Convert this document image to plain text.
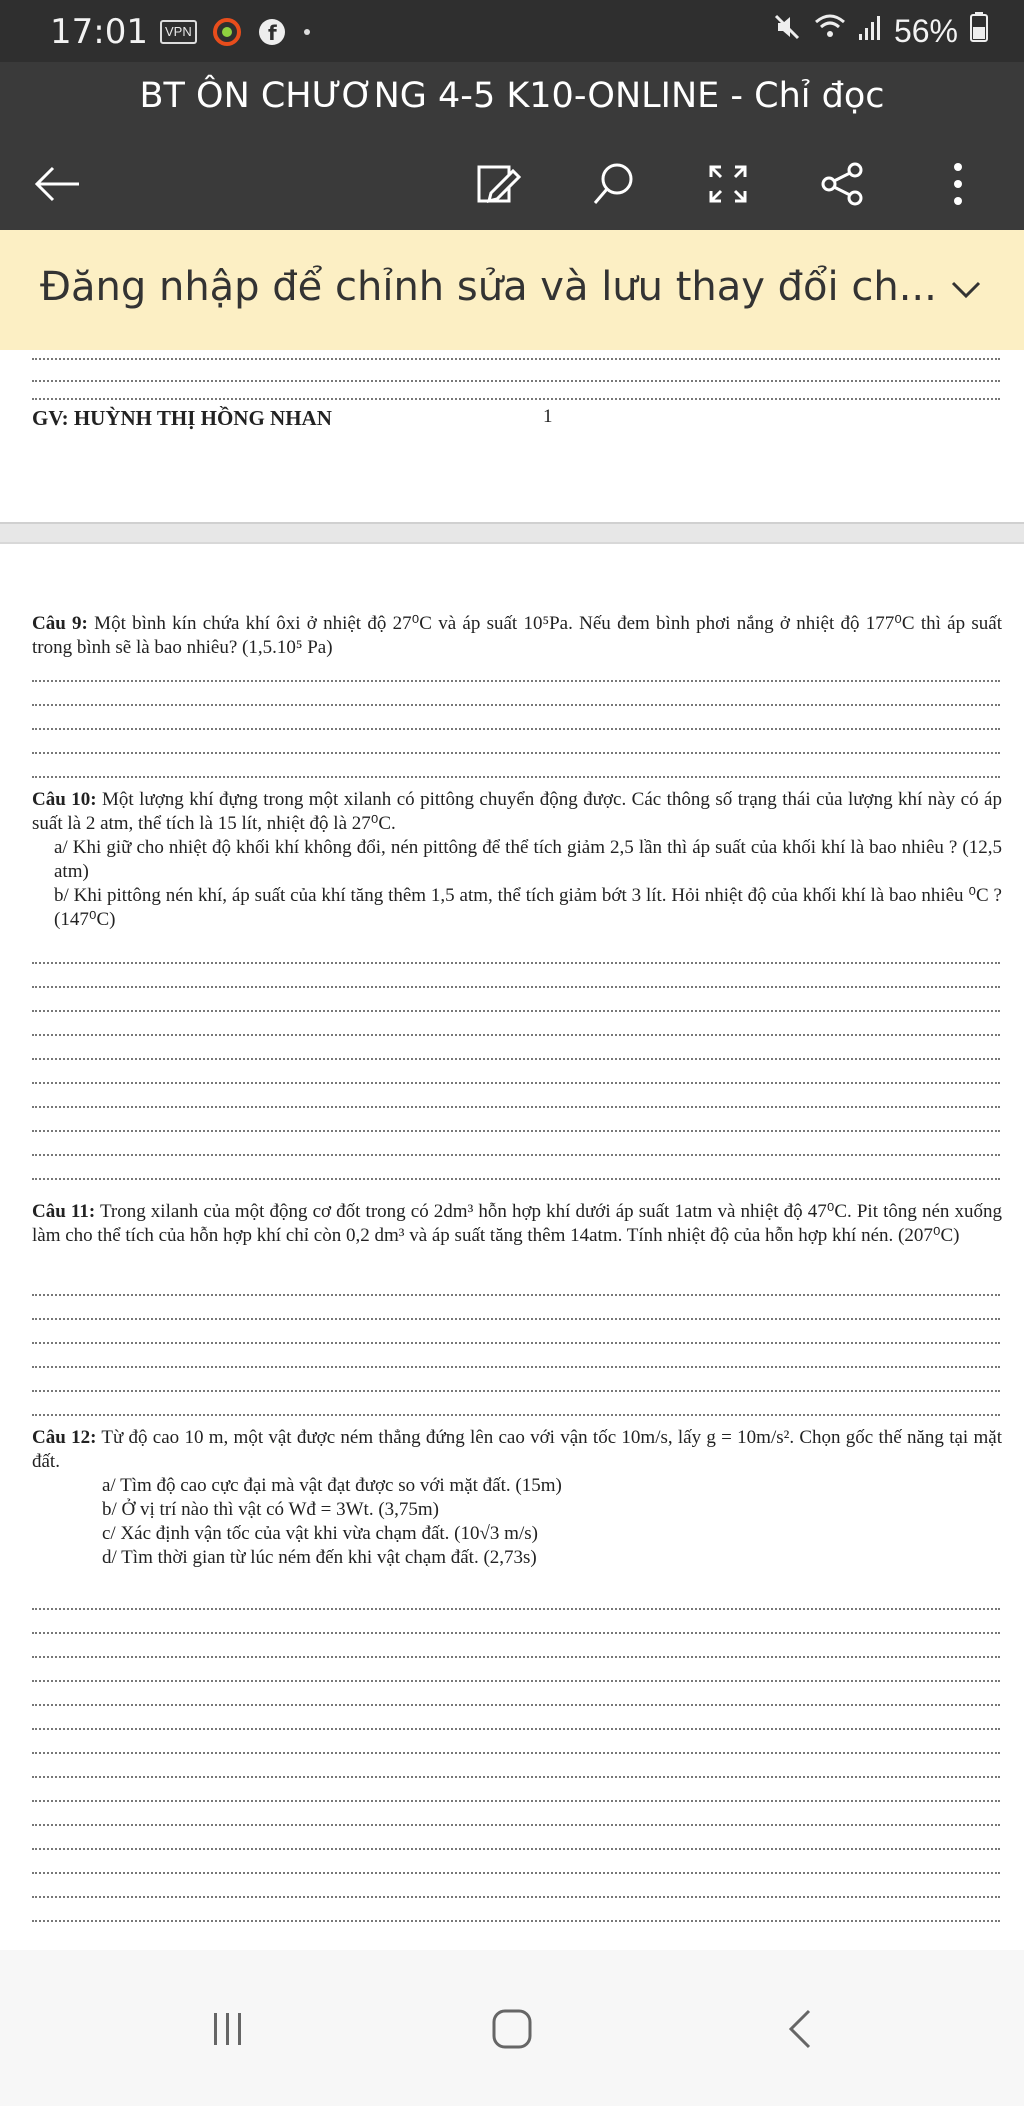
17:01	VPN	f	56%
BT ÔN CHƯƠNG 4-5 K10-ONLINE - Chỉ đọc
Đăng nhập để chỉnh sửa và lưu thay đổi ch...
GV: HUỲNH THỊ HỒNG NHAN	1
Câu 9: Một bình kín chứa khí ôxi ở nhiệt độ 27⁰C và áp suất 10⁵Pa. Nếu đem bình phơi nắng ở nhiệt độ 177⁰C thì áp suất trong bình sẽ là bao nhiêu? (1,5.10⁵ Pa)
Câu 10: Một lượng khí đựng trong một xilanh có pittông chuyển động được. Các thông số trạng thái của lượng khí này có áp suất là 2 atm, thể tích là 15 lít, nhiệt độ là 27⁰C.
a/ Khi giữ cho nhiệt độ khối khí không đổi, nén pittông để thể tích giảm 2,5 lần thì áp suất của khối khí là bao nhiêu ? (12,5 atm)
b/ Khi pittông nén khí, áp suất của khí tăng thêm 1,5 atm, thể tích giảm bớt 3 lít. Hỏi nhiệt độ của khối khí là bao nhiêu ⁰C ? (147⁰C)
Câu 11: Trong xilanh của một động cơ đốt trong có 2dm³ hỗn hợp khí dưới áp suất 1atm và nhiệt độ 47⁰C. Pit tông nén xuống làm cho thể tích của hỗn hợp khí chỉ còn 0,2 dm³ và áp suất tăng thêm 14atm. Tính nhiệt độ của hỗn hợp khí nén. (207⁰C)
Câu 12: Từ độ cao 10 m, một vật được ném thẳng đứng lên cao với vận tốc 10m/s, lấy g = 10m/s². Chọn gốc thế năng tại mặt đất.
a/ Tìm độ cao cực đại mà vật đạt được so với mặt đất. (15m)
b/ Ở vị trí nào thì vật có Wđ = 3Wt. (3,75m)
c/ Xác định vận tốc của vật khi vừa chạm đất. (10√3 m/s)
d/ Tìm thời gian từ lúc ném đến khi vật chạm đất. (2,73s)
